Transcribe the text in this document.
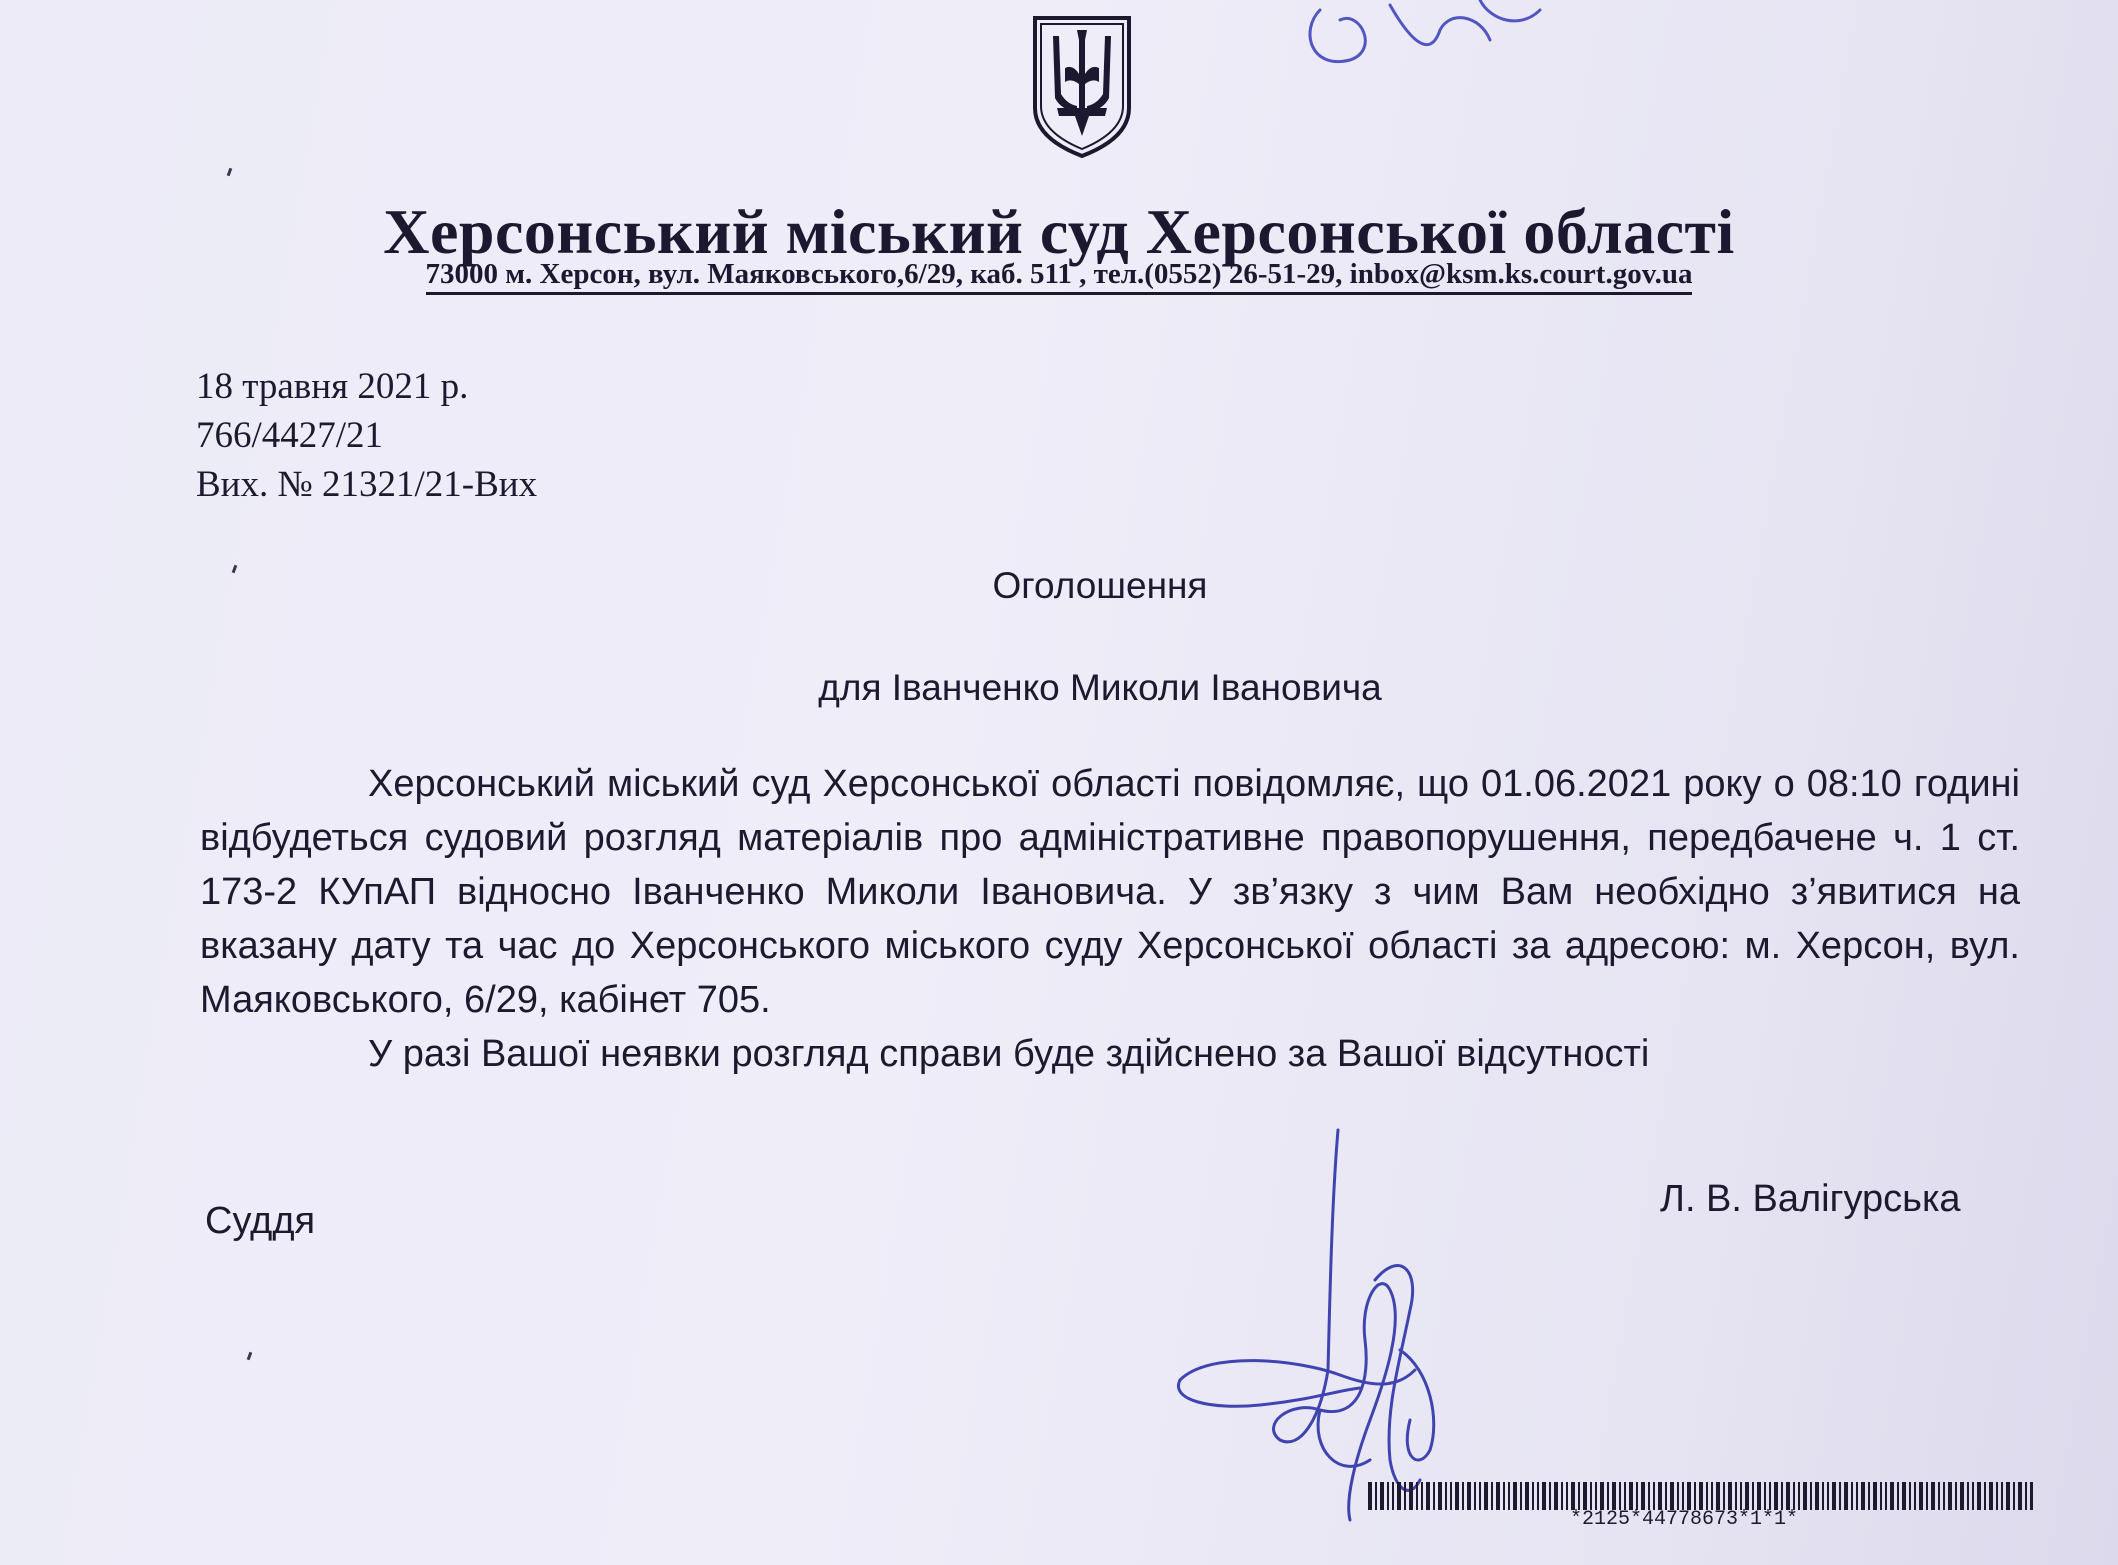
Херсонський міський суд Херсонської області
73000 м. Херсон, вул. Маяковського,6/29, каб. 511 , тел.(0552) 26-51-29, inbox@ksm.ks.court.gov.ua
18 травня 2021 р.
766/4427/21
Вих. № 21321/21-Вих
Оголошення
для Іванченко Миколи Івановича

Херсонський міський суд Херсонської області повідомляє, що 01.06.2021 року о 08:10 годині відбудеться судовий розгляд матеріалів про адміністративне правопорушення, передбачене ч. 1 ст. 173-2 КУпАП відносно Іванченко Миколи Івановича. У зв’язку з чим Вам необхідно з’явитися на вказану дату та час до Херсонського міського суду Херсонської області за адресою: м. Херсон, вул. Маяковського, 6/29, кабінет 705.

У разі Вашої неявки розгляд справи буде здійснено за Вашої відсутності

Суддя
Л. В. Валігурська
*2125*44778673*1*1*
